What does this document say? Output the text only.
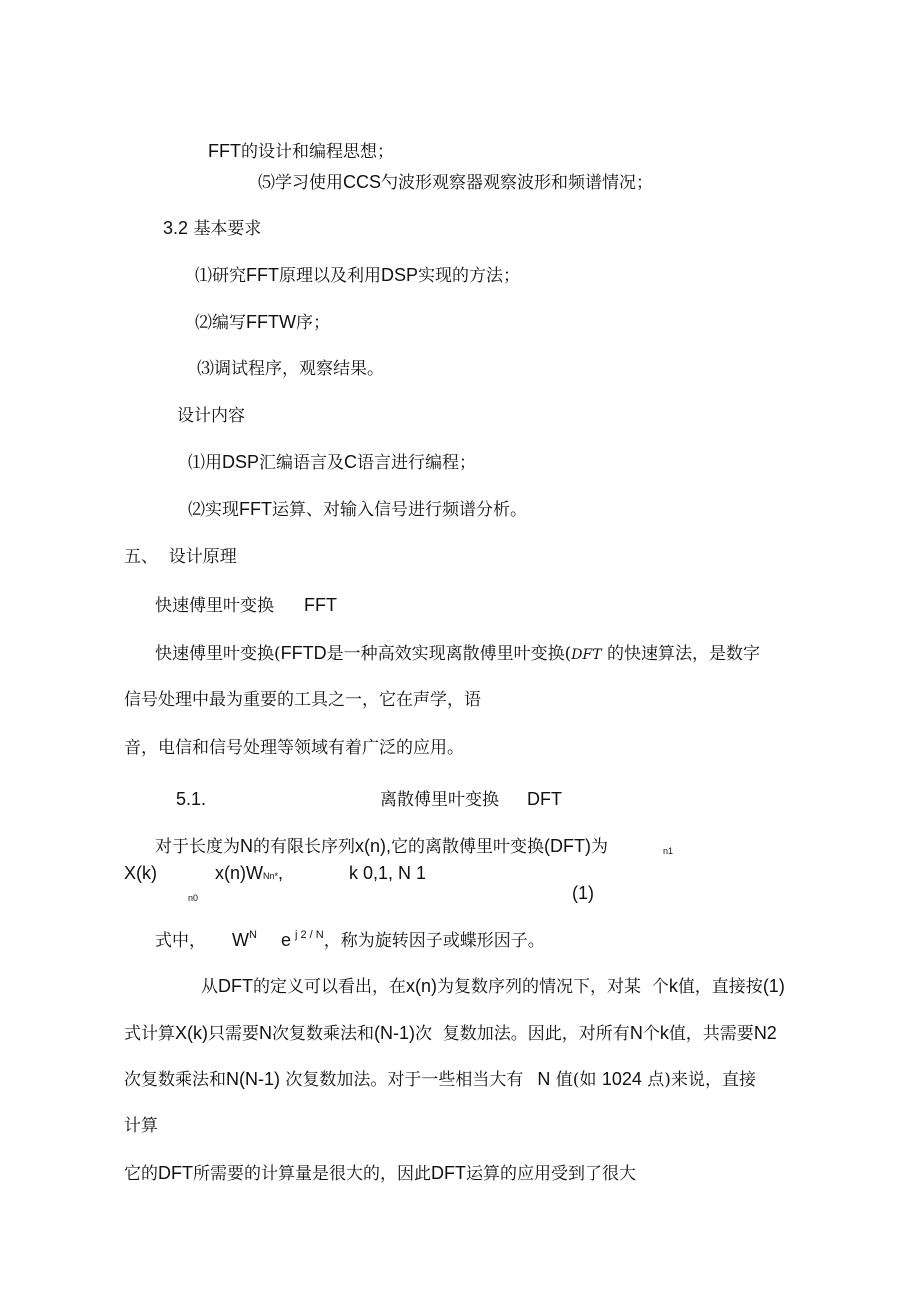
FFT的设计和编程思想；
⑸学习使用CCS勺波形观察器观察波形和频谱情况；
3.2 基本要求
⑴研究FFT原理以及利用DSP实现的方法；
⑵编写FFTW序；
⑶调试程序，观察结果。
设计内容
⑴用DSP汇编语言及C语言进行编程；
⑵实现FFT运算、对输入信号进行频谱分析。
五、  设计原理
快速傅里叶变换 FFT
快速傅里叶变换(FFTD是一种高效实现离散傅里叶变换(DFT 的快速算法，是数字
信号处理中最为重要的工具之一，它在声学，语
音，电信和信号处理等领域有着广泛的应用。
5.1.	离散傅里叶变换 DFT
对于长度为N的有限长序列x(n),它的离散傅里叶变换(DFT)为	n1
X(k)	x(n)WNn*,	k 0,1, N 1
n0	(1)
式中， $W^N$ e $^{j 2 / N}$，称为旋转因子或蝶形因子。
从DFT的定义可以看出，在x(n)为复数序列的情况下，对某  个k值，直接按(1)
式计算X(k)只需要N次复数乘法和(N-1)次  复数加法。因此，对所有N个k值，共需要N2
次复数乘法和N(N-1) 次复数加法。对于一些相当大有 N 值(如 1024 点)来说，直接
计算
它的DFT所需要的计算量是很大的，因此DFT运算的应用受到了很大
